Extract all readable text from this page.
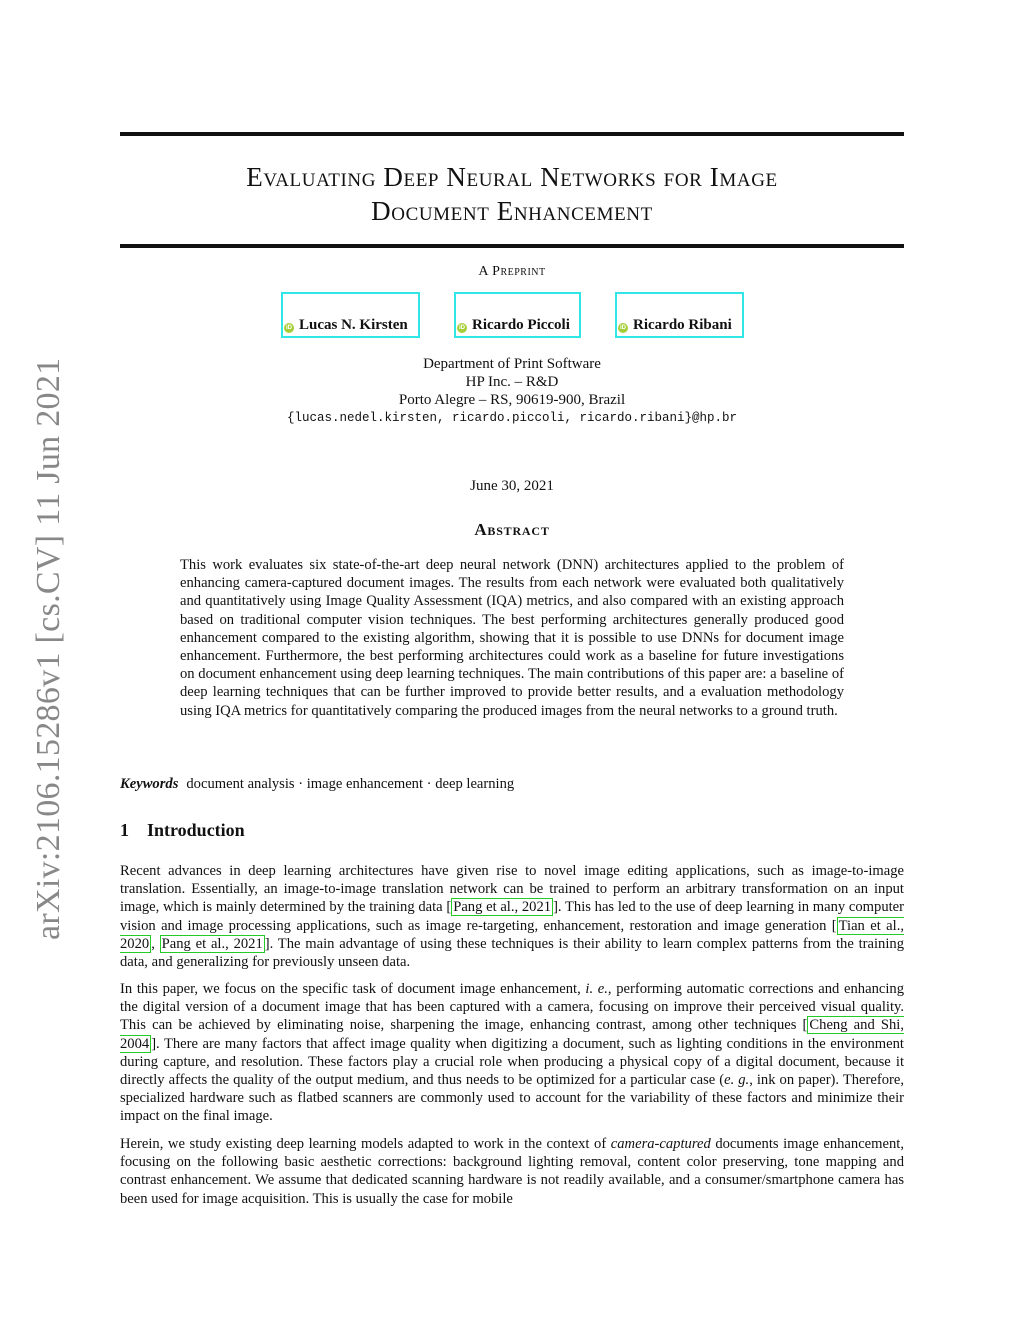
arXiv:2106.15286v1 [cs.CV] 11 Jun 2021
Evaluating Deep Neural Networks for Image
Document Enhancement
A Preprint
iD Lucas N. Kirsten	iD Ricardo Piccoli	iD Ricardo Ribani
Department of Print Software
HP Inc. – R&D
Porto Alegre – RS, 90619-900, Brazil
{lucas.nedel.kirsten, ricardo.piccoli, ricardo.ribani}@hp.br
June 30, 2021
Abstract
This work evaluates six state-of-the-art deep neural network (DNN) architectures applied to the problem of enhancing camera-captured document images. The results from each network were evaluated both qualitatively and quantitatively using Image Quality Assessment (IQA) metrics, and also compared with an existing approach based on traditional computer vision techniques. The best performing architectures generally produced good enhancement compared to the existing algorithm, showing that it is possible to use DNNs for document image enhancement. Furthermore, the best performing architectures could work as a baseline for future investigations on document enhancement using deep learning techniques. The main contributions of this paper are: a baseline of deep learning techniques that can be further improved to provide better results, and a evaluation methodology using IQA metrics for quantitatively comparing the produced images from the neural networks to a ground truth.
Keywords document analysis · image enhancement · deep learning
1 Introduction
Recent advances in deep learning architectures have given rise to novel image editing applications, such as image-to-image translation. Essentially, an image-to-image translation network can be trained to perform an arbitrary transformation on an input image, which is mainly determined by the training data [ Pang et al., 2021 ]. This has led to the use of deep learning in many computer vision and image processing applications, such as image re-targeting, enhancement, restoration and image generation [ Tian et al., 2020 , Pang et al., 2021 ]. The main advantage of using these techniques is their ability to learn complex patterns from the training data, and generalizing for previously unseen data.
In this paper, we focus on the specific task of document image enhancement, i. e., performing automatic corrections and enhancing the digital version of a document image that has been captured with a camera, focusing on improve their perceived visual quality. This can be achieved by eliminating noise, sharpening the image, enhancing contrast, among other techniques [ Cheng and Shi, 2004 ]. There are many factors that affect image quality when digitizing a document, such as lighting conditions in the environment during capture, and resolution. These factors play a crucial role when producing a physical copy of a digital document, because it directly affects the quality of the output medium, and thus needs to be optimized for a particular case (e. g., ink on paper). Therefore, specialized hardware such as flatbed scanners are commonly used to account for the variability of these factors and minimize their impact on the final image.
Herein, we study existing deep learning models adapted to work in the context of camera-captured documents image enhancement, focusing on the following basic aesthetic corrections: background lighting removal, content color preserving, tone mapping and contrast enhancement. We assume that dedicated scanning hardware is not readily available, and a consumer/smartphone camera has been used for image acquisition. This is usually the case for mobile
